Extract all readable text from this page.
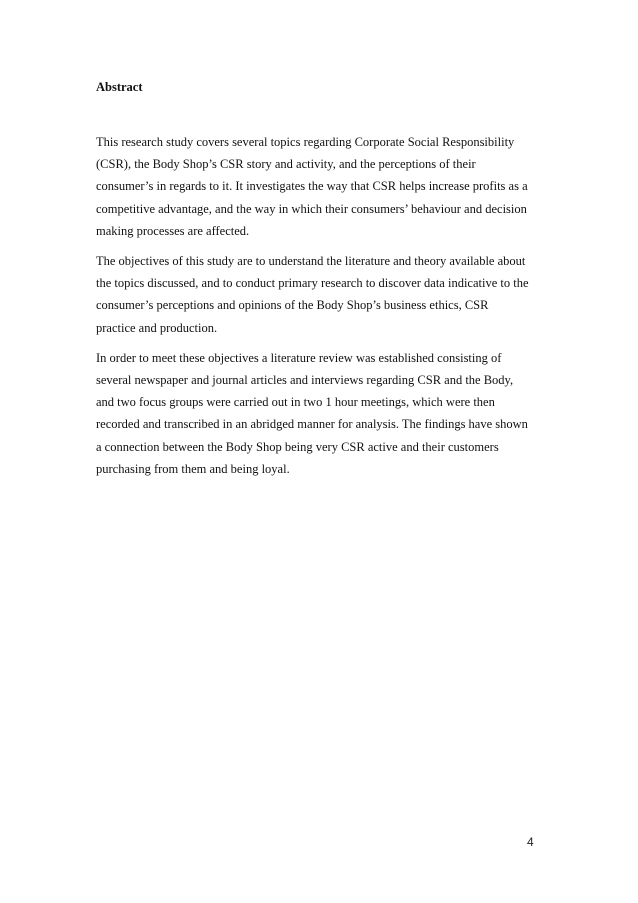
Abstract

This research study covers several topics regarding Corporate Social Responsibility
(CSR), the Body Shop’s CSR story and activity, and the perceptions of their
consumer’s in regards to it. It investigates the way that CSR helps increase profits as a
competitive advantage, and the way in which their consumers’ behaviour and decision
making processes are affected.

The objectives of this study are to understand the literature and theory available about
the topics discussed, and to conduct primary research to discover data indicative to the
consumer’s perceptions and opinions of the Body Shop’s business ethics, CSR
practice and production.

In order to meet these objectives a literature review was established consisting of
several newspaper and journal articles and interviews regarding CSR and the Body,
and two focus groups were carried out in two 1 hour meetings, which were then
recorded and transcribed in an abridged manner for analysis. The findings have shown
a connection between the Body Shop being very CSR active and their customers
purchasing from them and being loyal.

4
